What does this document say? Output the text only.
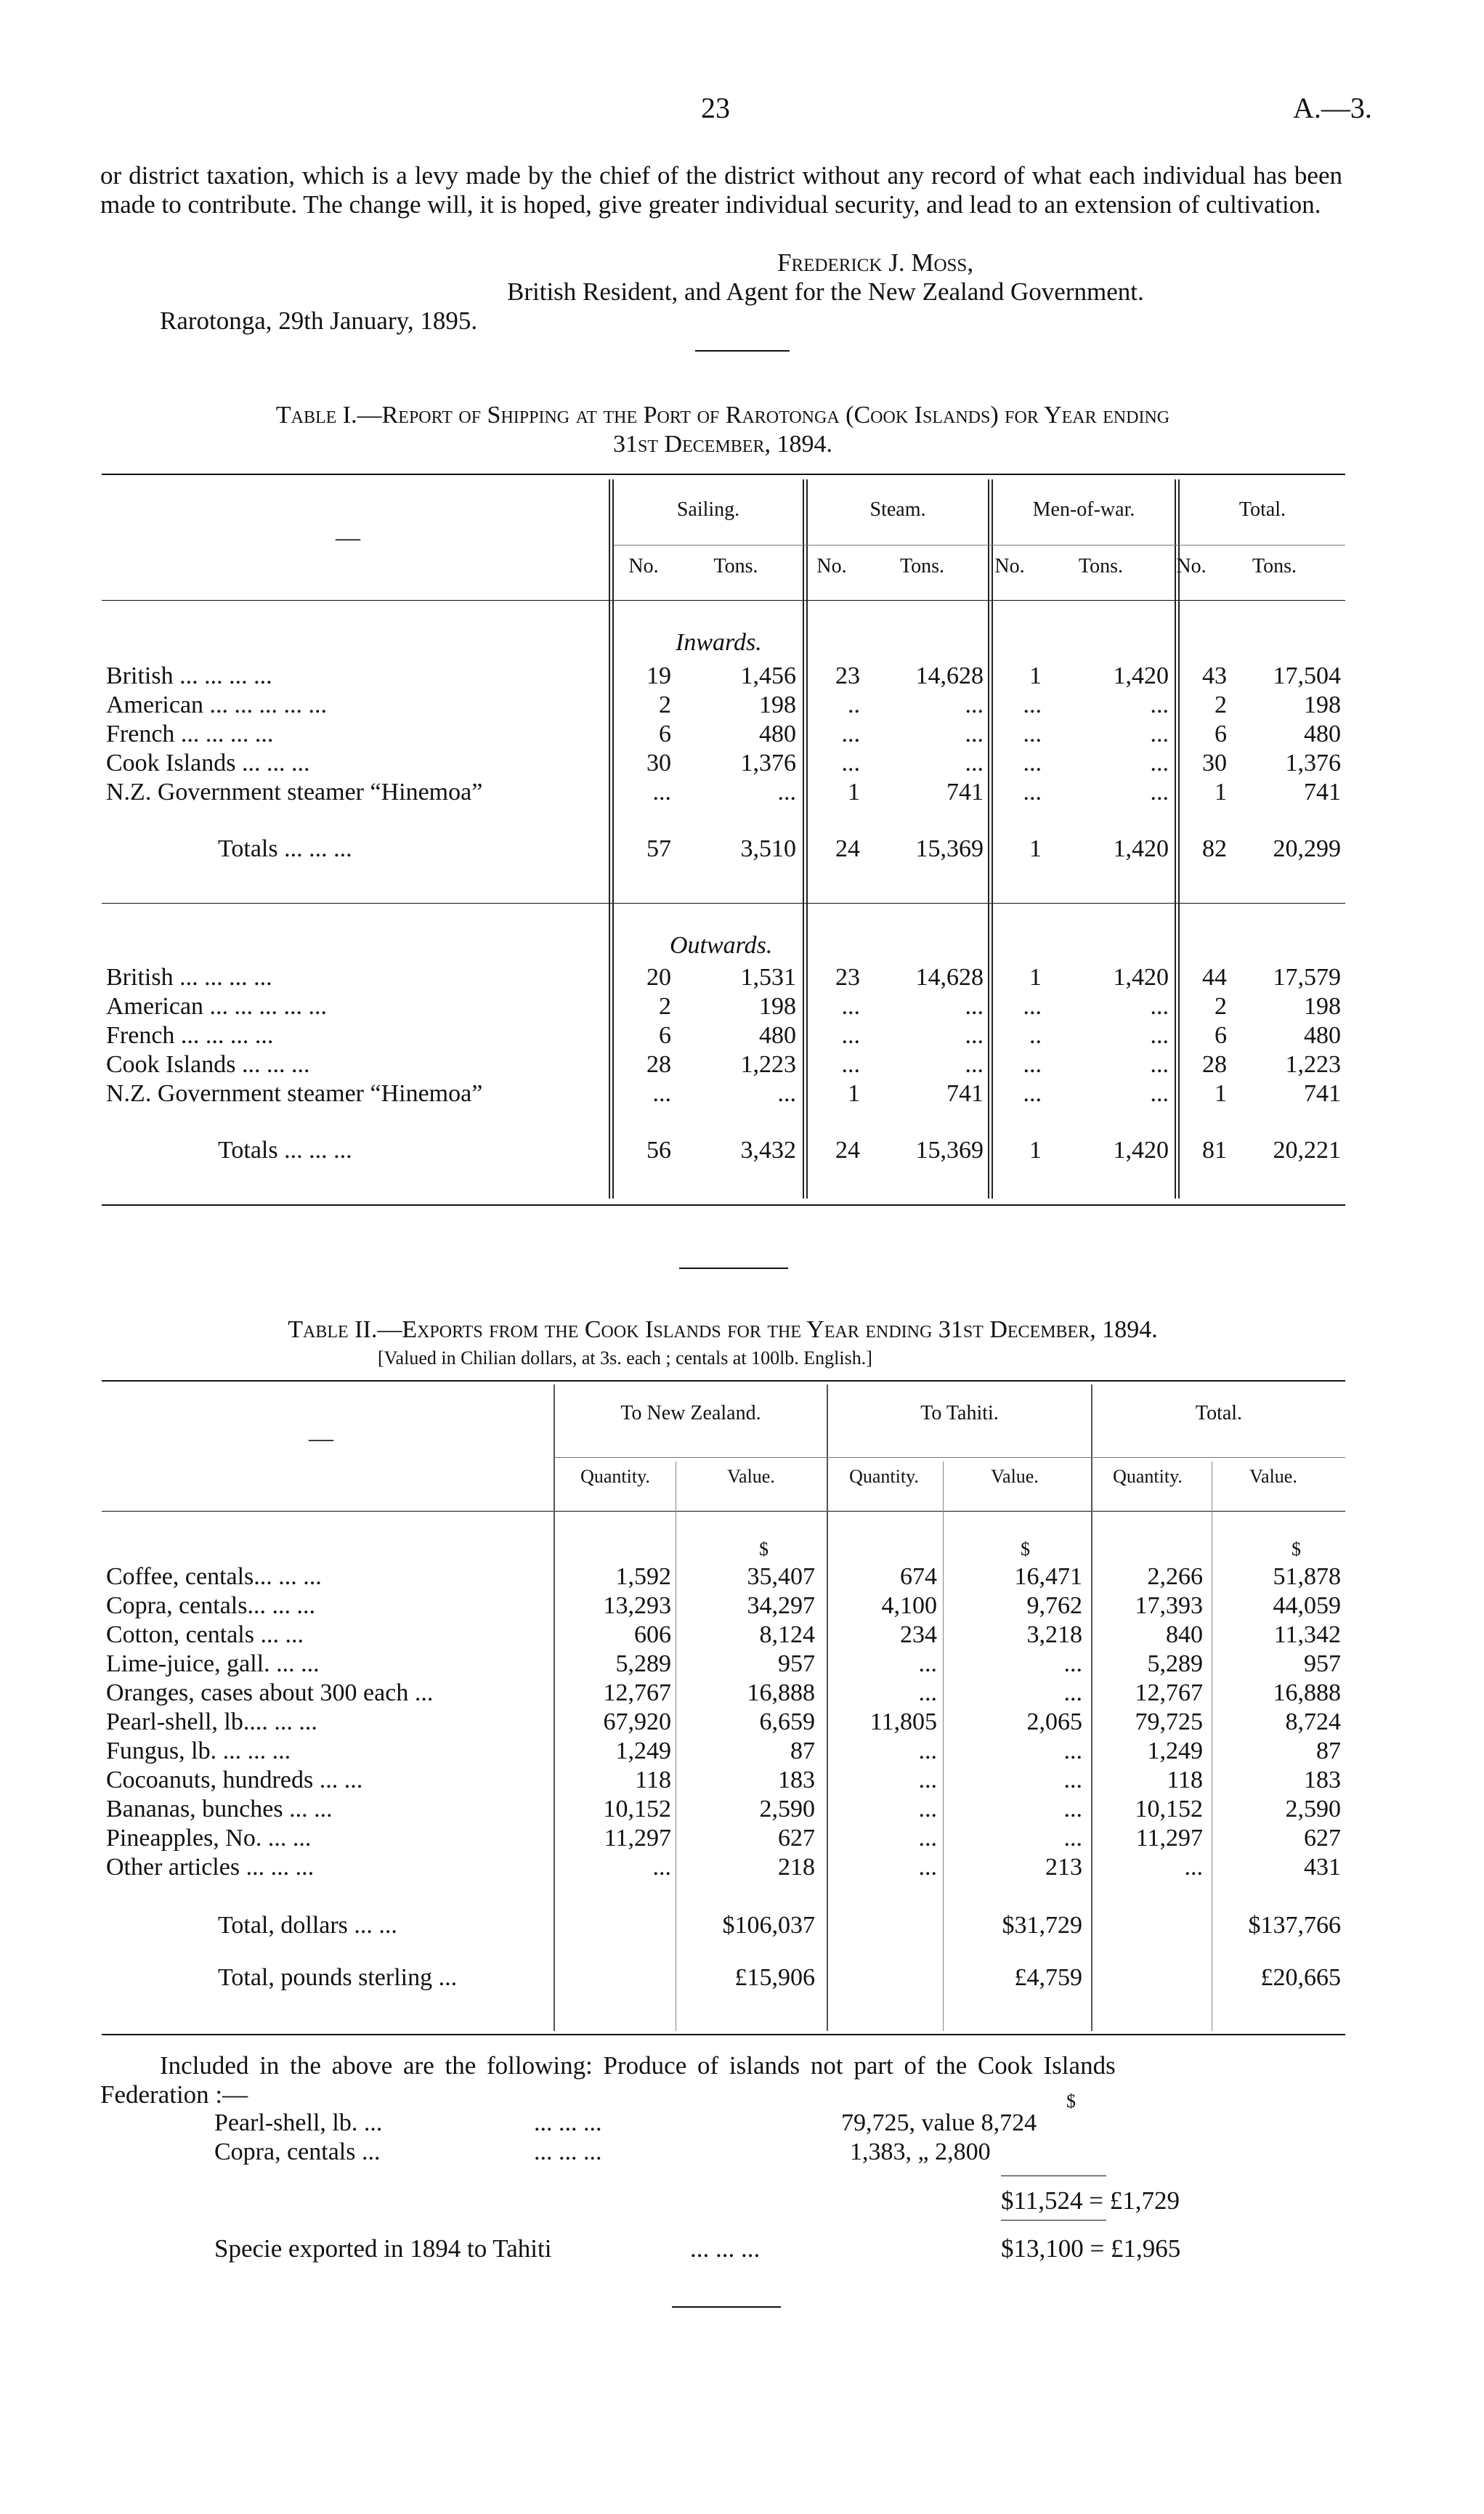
23	A.—3.
or district taxation, which is a levy made by the chief of the district without any record of what each individual has been made to contribute. The change will, it is hoped, give greater individual security, and lead to an extension of cultivation.
Frederick J. Moss,
British Resident, and Agent for the New Zealand Government.
Rarotonga, 29th January, 1895.
Table I.—Report of Shipping at the Port of Rarotonga (Cook Islands) for Year ending
31st December, 1894.
—
Sailing.	Steam.	Men-of-war.	Total.
No.	Tons.	No.	Tons.	No.	Tons.	No.	Tons.
Inwards.
British ... ... ... ...	19	1,456	23	14,628	1	1,420	43	17,504
American ... ... ... ... ...	2	198	..	...	...	...	2	198
French ... ... ... ...	6	480	...	...	...	...	6	480
Cook Islands ... ... ...	30	1,376	...	...	...	...	30	1,376
N.Z. Government steamer “Hinemoa”	...	...	1	741	...	...	1	741
Totals ... ... ...	57	3,510	24	15,369	1	1,420	82	20,299
Outwards.
British ... ... ... ...	20	1,531	23	14,628	1	1,420	44	17,579
American ... ... ... ... ...	2	198	...	...	...	...	2	198
French ... ... ... ...	6	480	...	...	..	...	6	480
Cook Islands ... ... ...	28	1,223	...	...	...	...	28	1,223
N.Z. Government steamer “Hinemoa”	...	...	1	741	...	...	1	741
Totals ... ... ...	56	3,432	24	15,369	1	1,420	81	20,221
Table II.—Exports from the Cook Islands for the Year ending 31st December, 1894.
[Valued in Chilian dollars, at 3s. each ; centals at 100lb. English.]
—
To New Zealand.	To Tahiti.	Total.
Quantity.	Value.	Quantity.	Value.	Quantity.	Value.
$	$	$
Coffee, centals... ... ...	1,592	35,407	674	16,471	2,266	51,878
Copra, centals... ... ...	13,293	34,297	4,100	9,762	17,393	44,059
Cotton, centals ... ...	606	8,124	234	3,218	840	11,342
Lime-juice, gall. ... ...	5,289	957	...	...	5,289	957
Oranges, cases about 300 each ...	12,767	16,888	...	...	12,767	16,888
Pearl-shell, lb.... ... ...	67,920	6,659	11,805	2,065	79,725	8,724
Fungus, lb. ... ... ...	1,249	87	...	...	1,249	87
Cocoanuts, hundreds ... ...	118	183	...	...	118	183
Bananas, bunches ... ...	10,152	2,590	...	...	10,152	2,590
Pineapples, No. ... ...	11,297	627	...	...	11,297	627
Other articles ... ... ...	...	218	...	213	...	431
Total, dollars ... ...		$106,037		$31,729		$137,766
Total, pounds sterling ...		£15,906		£4,759		£20,665
Included in the above are the following: Produce of islands not part of the Cook Islands
Federation :—	$
Pearl-shell, lb. ...	... ... ...	79,725, value 8,724
Copra, centals ...	... ... ...	1,383, „ 2,800
$11,524 = £1,729
Specie exported in 1894 to Tahiti	... ... ...	$13,100 = £1,965
